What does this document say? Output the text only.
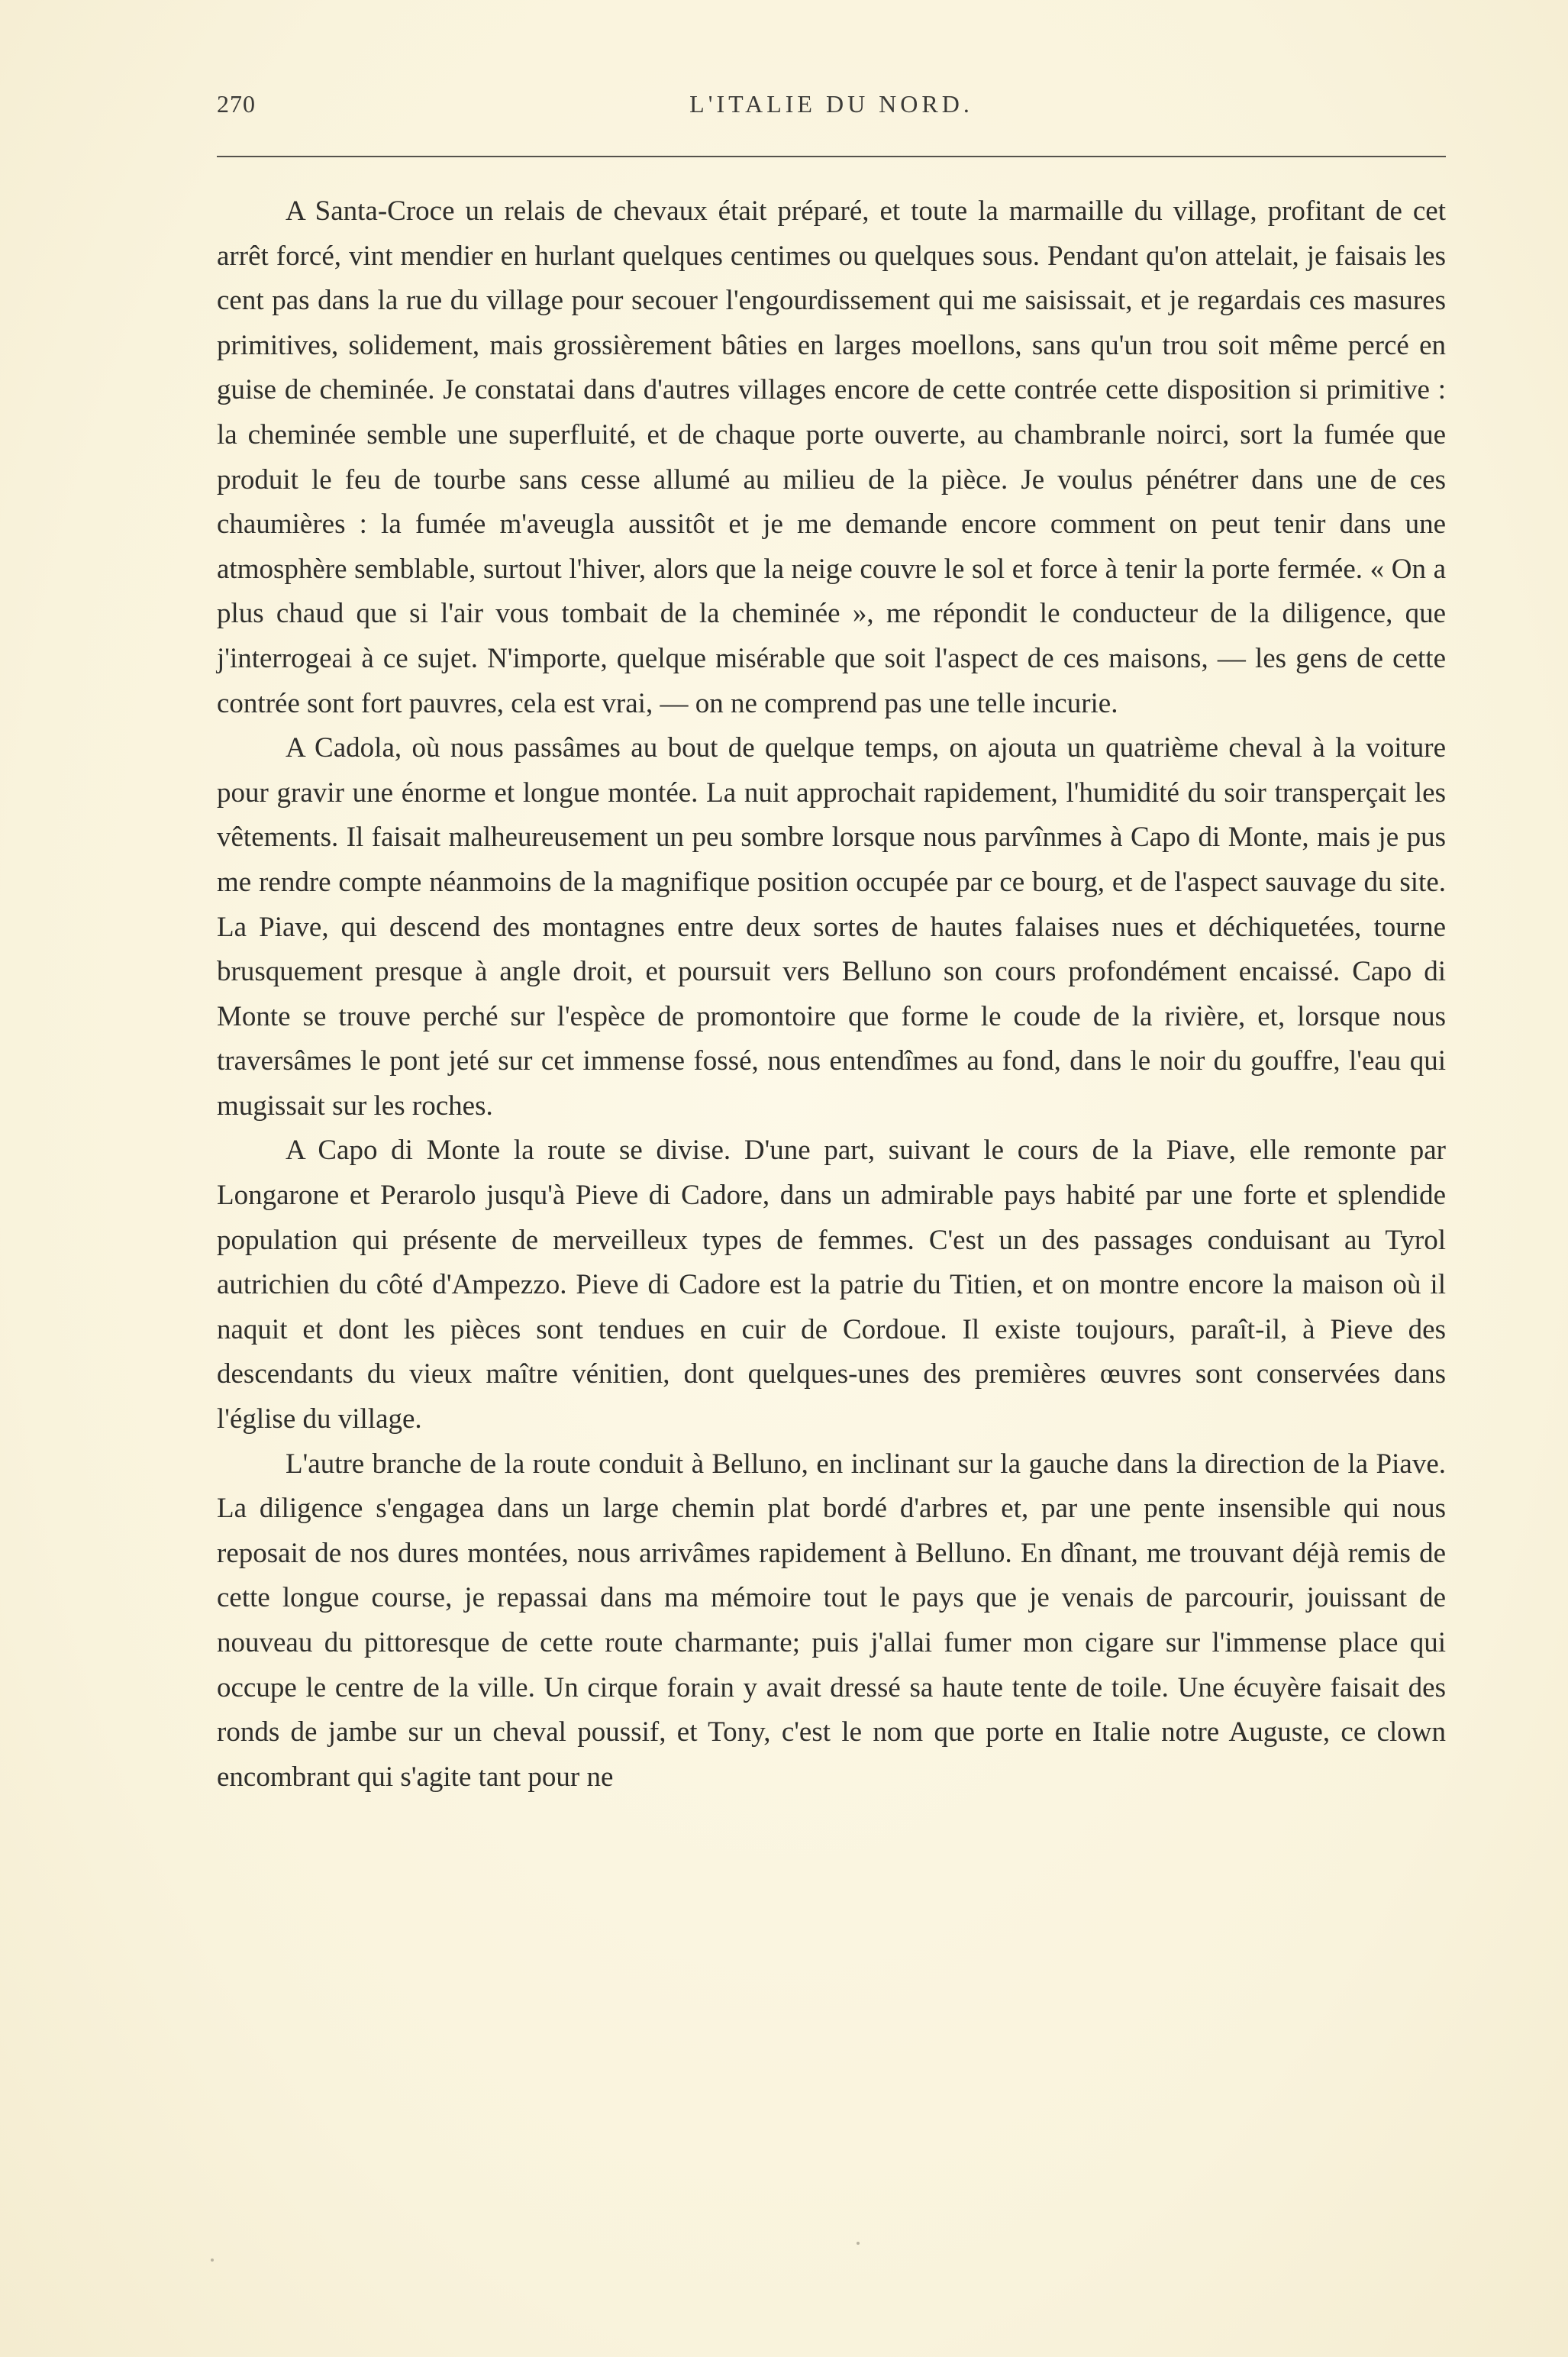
270	L'ITALIE DU NORD.

A Santa-Croce un relais de chevaux était préparé, et toute la marmaille du village, profitant de cet arrêt forcé, vint mendier en hurlant quelques centimes ou quelques sous. Pendant qu'on attelait, je faisais les cent pas dans la rue du village pour secouer l'engourdissement qui me saisissait, et je regardais ces masures primitives, solidement, mais grossièrement bâties en larges moellons, sans qu'un trou soit même percé en guise de cheminée. Je constatai dans d'autres villages encore de cette contrée cette disposition si primitive : la cheminée semble une superfluité, et de chaque porte ouverte, au chambranle noirci, sort la fumée que produit le feu de tourbe sans cesse allumé au milieu de la pièce. Je voulus pénétrer dans une de ces chaumières : la fumée m'aveugla aussitôt et je me demande encore comment on peut tenir dans une atmosphère semblable, surtout l'hiver, alors que la neige couvre le sol et force à tenir la porte fermée. « On a plus chaud que si l'air vous tombait de la cheminée », me répondit le conducteur de la diligence, que j'interrogeai à ce sujet. N'importe, quelque misérable que soit l'aspect de ces maisons, — les gens de cette contrée sont fort pauvres, cela est vrai, — on ne comprend pas une telle incurie.

A Cadola, où nous passâmes au bout de quelque temps, on ajouta un quatrième cheval à la voiture pour gravir une énorme et longue montée. La nuit approchait rapidement, l'humidité du soir transperçait les vêtements. Il faisait malheureusement un peu sombre lorsque nous parvînmes à Capo di Monte, mais je pus me rendre compte néanmoins de la magnifique position occupée par ce bourg, et de l'aspect sauvage du site. La Piave, qui descend des montagnes entre deux sortes de hautes falaises nues et déchiquetées, tourne brusquement presque à angle droit, et poursuit vers Belluno son cours profondément encaissé. Capo di Monte se trouve perché sur l'espèce de promontoire que forme le coude de la rivière, et, lorsque nous traversâmes le pont jeté sur cet immense fossé, nous entendîmes au fond, dans le noir du gouffre, l'eau qui mugissait sur les roches.

A Capo di Monte la route se divise. D'une part, suivant le cours de la Piave, elle remonte par Longarone et Perarolo jusqu'à Pieve di Cadore, dans un admirable pays habité par une forte et splendide population qui présente de merveilleux types de femmes. C'est un des passages conduisant au Tyrol autrichien du côté d'Ampezzo. Pieve di Cadore est la patrie du Titien, et on montre encore la maison où il naquit et dont les pièces sont tendues en cuir de Cordoue. Il existe toujours, paraît-il, à Pieve des descendants du vieux maître vénitien, dont quelques-unes des premières œuvres sont conservées dans l'église du village.

L'autre branche de la route conduit à Belluno, en inclinant sur la gauche dans la direction de la Piave. La diligence s'engagea dans un large chemin plat bordé d'arbres et, par une pente insensible qui nous reposait de nos dures montées, nous arrivâmes rapidement à Belluno. En dînant, me trouvant déjà remis de cette longue course, je repassai dans ma mémoire tout le pays que je venais de parcourir, jouissant de nouveau du pittoresque de cette route charmante; puis j'allai fumer mon cigare sur l'immense place qui occupe le centre de la ville. Un cirque forain y avait dressé sa haute tente de toile. Une écuyère faisait des ronds de jambe sur un cheval poussif, et Tony, c'est le nom que porte en Italie notre Auguste, ce clown encombrant qui s'agite tant pour ne
